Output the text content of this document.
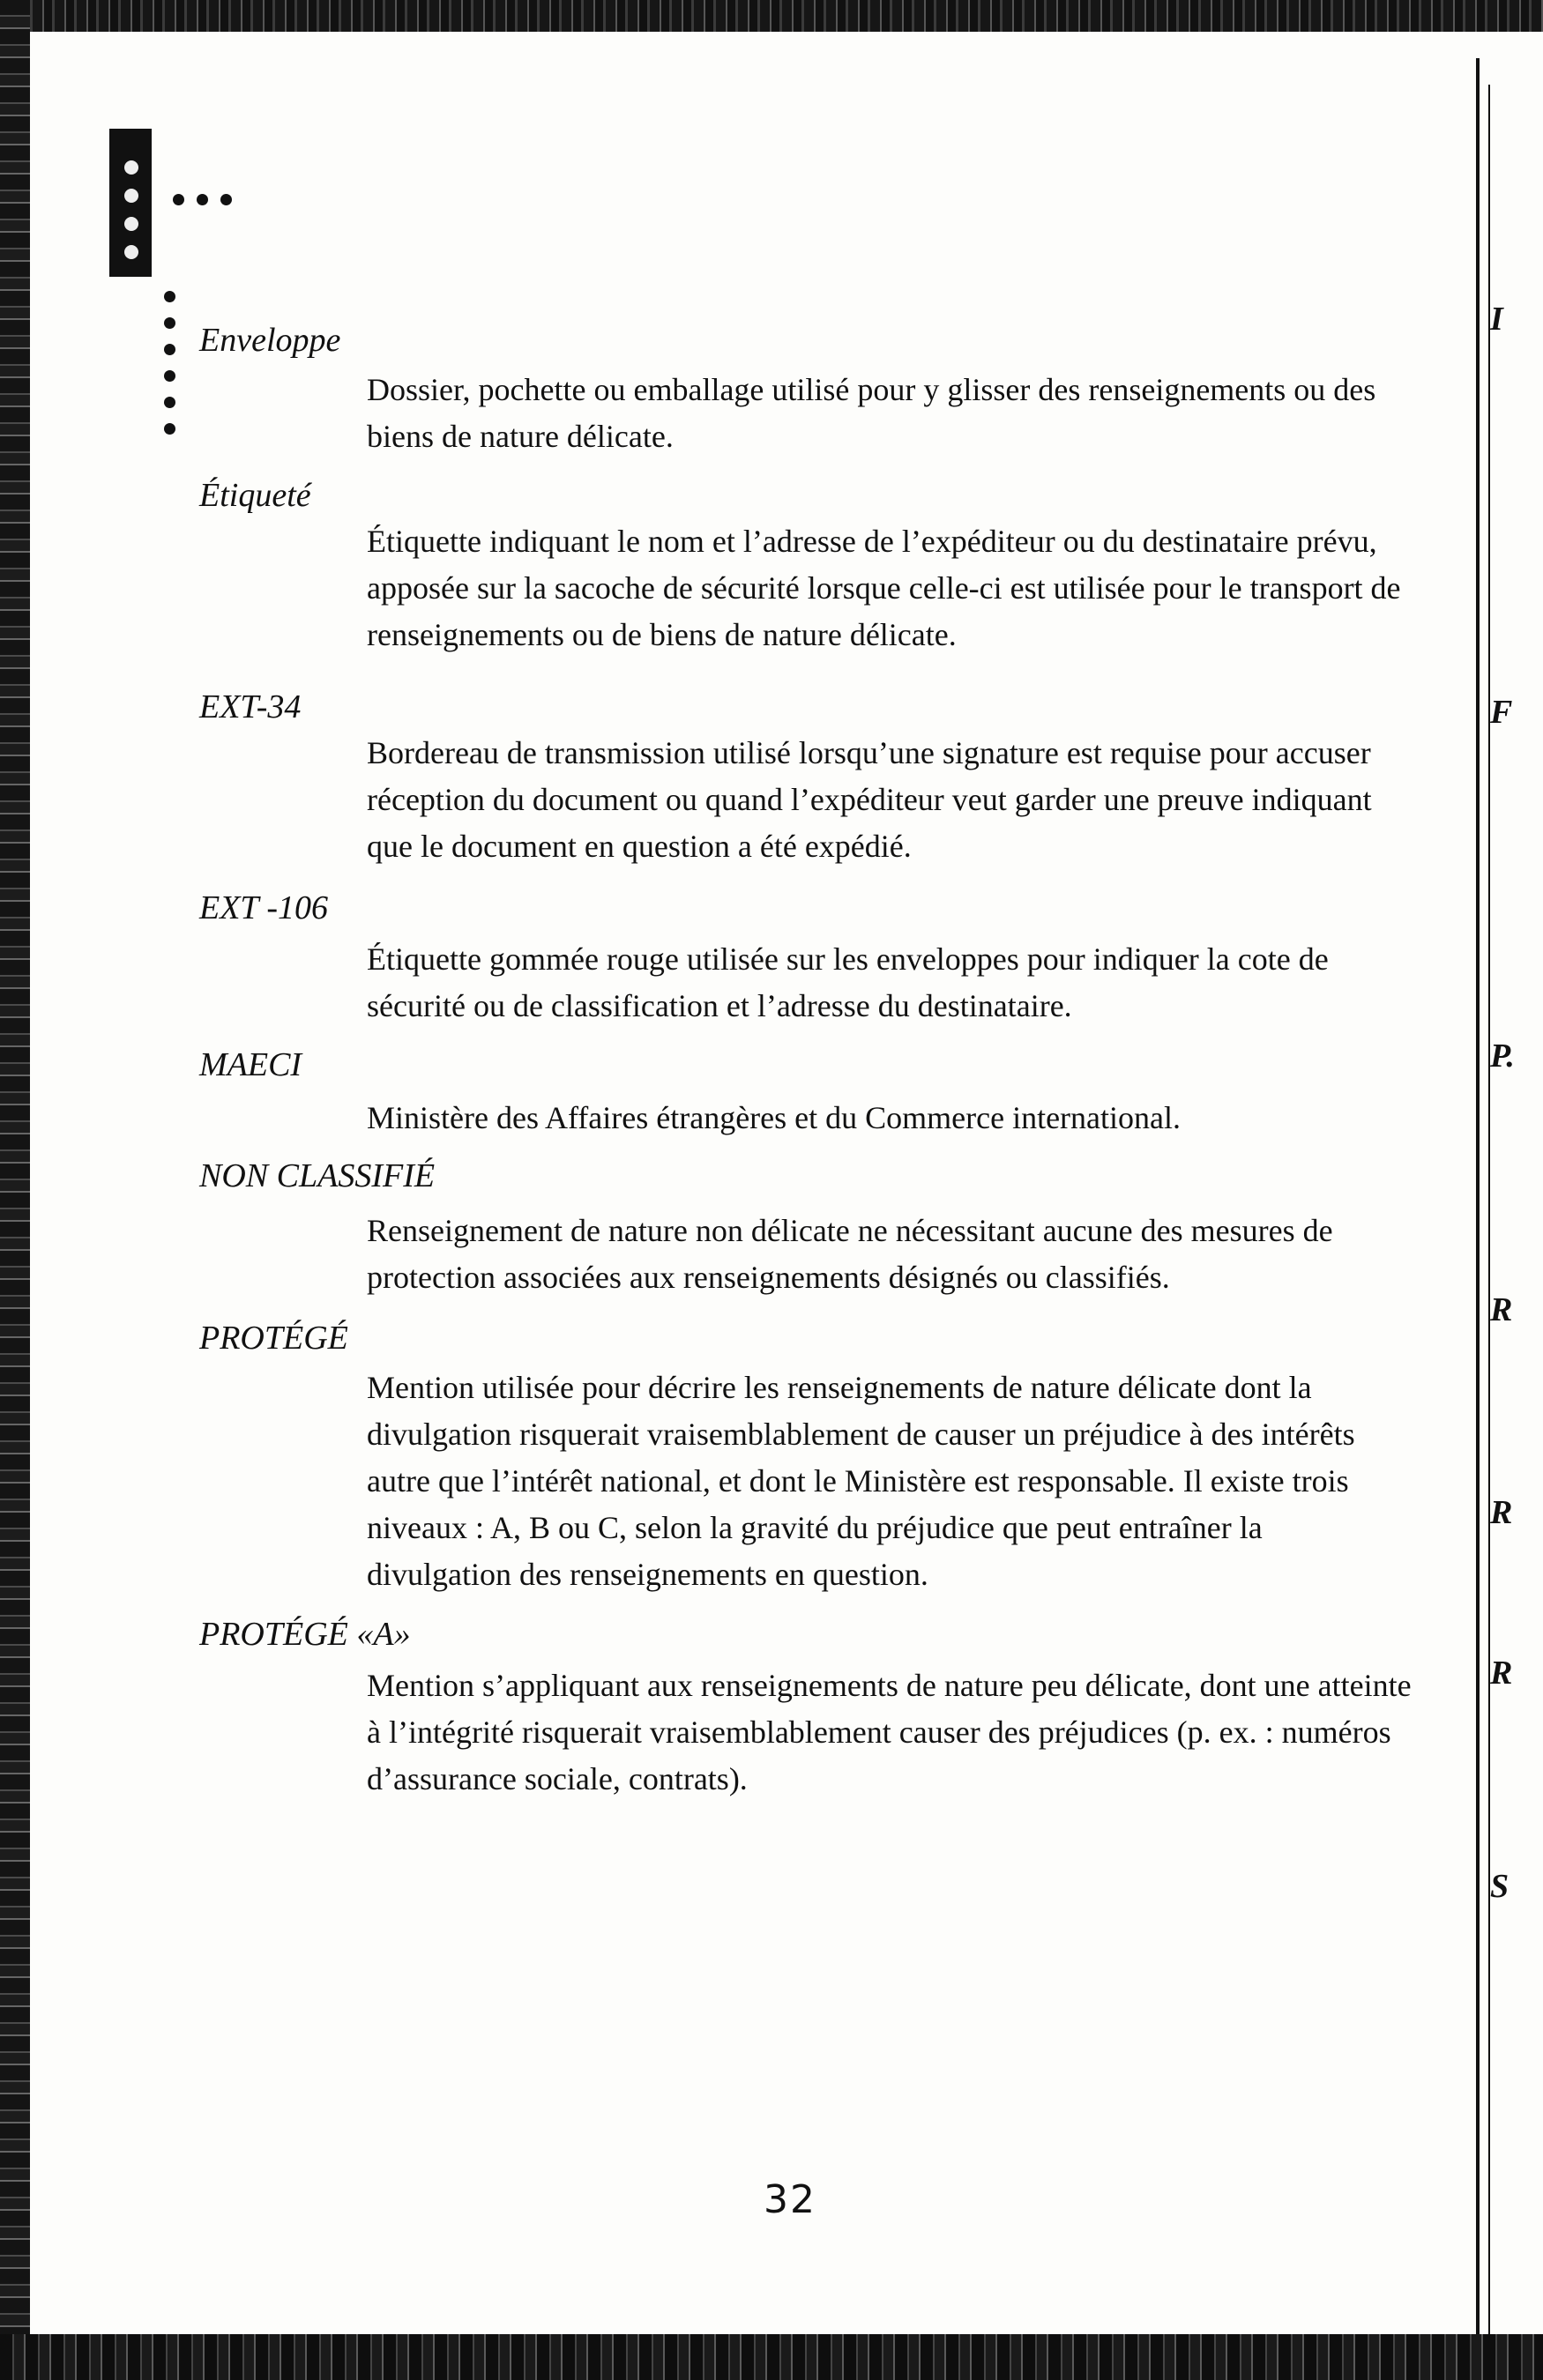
Enveloppe
Dossier, pochette ou emballage utilisé pour y glisser des renseignements ou des biens de nature délicate.
Étiqueté
Étiquette indiquant le nom et l’adresse de l’expéditeur ou du destinataire prévu, apposée sur la sacoche de sécurité lorsque celle-ci est utilisée pour le transport de renseignements ou de biens de nature délicate.
EXT-34
Bordereau de transmission utilisé lorsqu’une signature est requise pour accuser réception du document ou quand l’expéditeur veut garder une preuve indiquant que le document en question a été expédié.
EXT -106
Étiquette gommée rouge utilisée sur les enveloppes pour indiquer la cote de sécurité ou de classification et l’adresse du destinataire.
MAECI
Ministère des Affaires étrangères et du Commerce international.
NON CLASSIFIÉ
Renseignement de nature non délicate ne nécessitant aucune des mesures de protection associées aux renseignements désignés ou classifiés.
PROTÉGÉ
Mention utilisée pour décrire les renseignements de nature délicate dont la divulgation risquerait vraisemblablement de causer un préjudice à des intérêts autre que l’intérêt national, et dont le Ministère est responsable. Il existe trois niveaux : A, B ou C, selon la gravité du préjudice que peut entraîner la divulgation des renseignements en question.
PROTÉGÉ «A»
Mention s’appliquant aux renseignements de nature peu délicate, dont une atteinte à l’intégrité risquerait vraisemblablement causer des préjudices (p. ex. : numéros d’assurance sociale, contrats).
32
I
F
P.
R
R
R
S
